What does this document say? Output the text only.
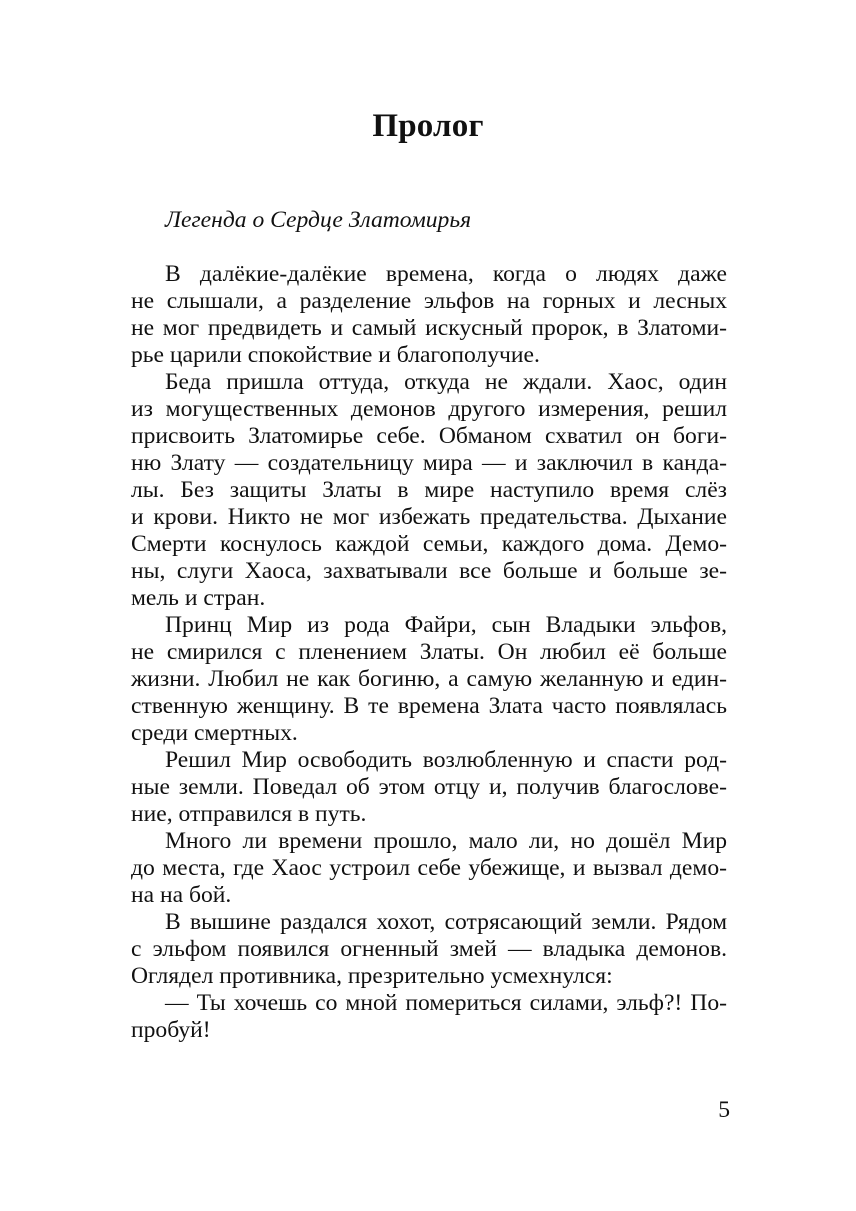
Пролог

Легенда о Сердце Златомирья

В далёкие-далёкие времена, когда о людях даже
не слышали, а разделение эльфов на горных и лесных
не мог предвидеть и самый искусный пророк, в Златоми-
рье царили спокойствие и благополучие.
Беда пришла оттуда, откуда не ждали. Хаос, один
из могущественных демонов другого измерения, решил
присвоить Златомирье себе. Обманом схватил он боги-
ню Злату — создательницу мира — и заключил в канда-
лы. Без защиты Златы в мире наступило время слёз
и крови. Никто не мог избежать предательства. Дыхание
Смерти коснулось каждой семьи, каждого дома. Демо-
ны, слуги Хаоса, захватывали все больше и больше зе-
мель и стран.
Принц Мир из рода Файри, сын Владыки эльфов,
не смирился с пленением Златы. Он любил её больше
жизни. Любил не как богиню, а самую желанную и един-
ственную женщину. В те времена Злата часто появлялась
среди смертных.
Решил Мир освободить возлюбленную и спасти род-
ные земли. Поведал об этом отцу и, получив благослове-
ние, отправился в путь.
Много ли времени прошло, мало ли, но дошёл Мир
до места, где Хаос устроил себе убежище, и вызвал демо-
на на бой.
В вышине раздался хохот, сотрясающий земли. Рядом
с эльфом появился огненный змей — владыка демонов.
Оглядел противника, презрительно усмехнулся:
— Ты хочешь со мной помериться силами, эльф?! По-
пробуй!
5
